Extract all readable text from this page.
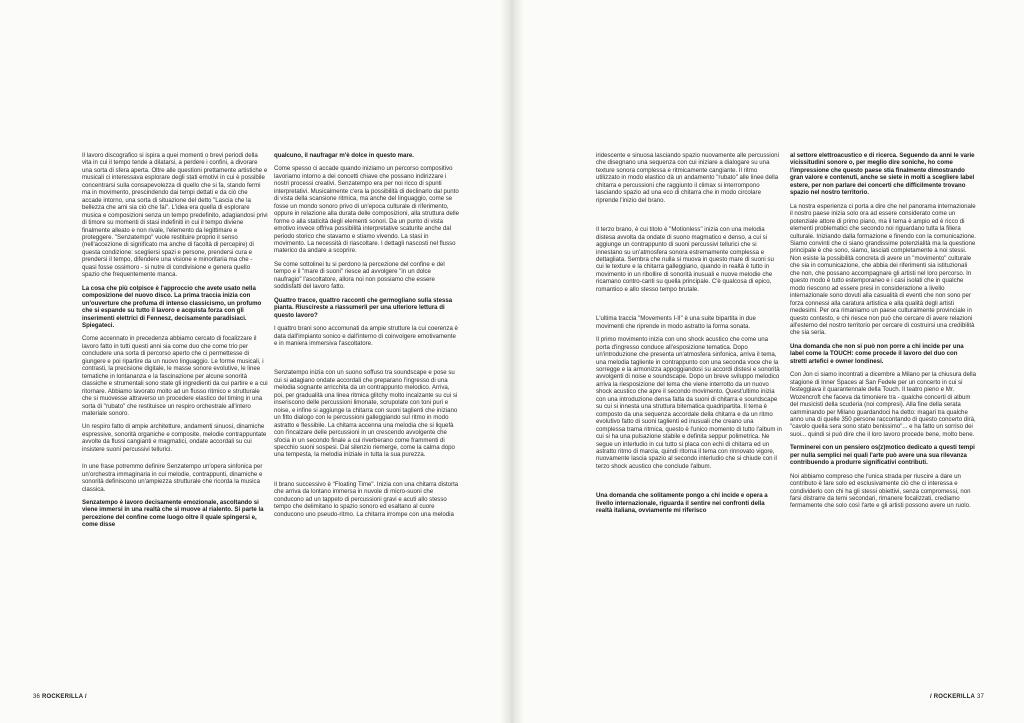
Il lavoro discografico si ispira a quei momenti o brevi periodi della vita in cui il tempo tende a dilatarsi, a perdere i confini, a divorare una sorta di sfera aperta. Oltre alle questioni prettamente artistiche e musicali ci interessava esplorare degli stati emotivi in cui è possibile concentrarsi sulla consapevolezza di quello che si fa, stando fermi ma in movimento, prescindendo dai tempi dettati e da ciò che accade intorno, una sorta di situazione del detto "Lascia che la bellezza che ami sia ciò che fai". L'idea era quella di esplorare musica e composizioni senza un tempo predefinito, adagiandosi privi di timore su momenti di stasi indefiniti in cui il tempo diviene finalmente alleato e non rivale, l'elemento da legittimare e proteggere. "Senzatempo" vuole restituire proprio il senso (nell'accezione di significato ma anche di facoltà di percepire) di questa condizione: scegliersi spazi e persone, prendersi cura e prendersi il tempo, difendere una visione e minoritaria ma che - quasi fosse ossimoro - si nutre di condivisione e genera quello spazio che frequentemente manca.

La cosa che più colpisce è l'approccio che avete usato nella composizione del nuovo disco. La prima traccia inizia con un'ouverture che profuma di intenso classicismo, un profumo che si espande su tutto il lavoro e acquista forza con gli inserimenti elettrici di Fennesz, decisamente paradisiaci. Spiegateci.

Come accennato in precedenza abbiamo cercato di focalizzare il lavoro fatto in tutti questi anni sia come duo che come trio per concludere una sorta di percorso aperto che ci permettesse di giungere e poi ripartire da un nuovo linguaggio. Le forme musicali, i contrasti, la precisione digitale, le masse sonore evolutive, le linee tematiche in lontananza e la fascinazione per alcune sonorità classiche e strumentali sono state gli ingredienti da cui partire e a cui ritornare. Abbiamo lavorato molto ad un flusso ritmico e strutturale che si muovesse attraverso un procedere elastico del timing in una sorta di "rubato" che restituisce un respiro orchestrale all'intero materiale sonoro.

Un respiro fatto di ampie architetture, andamenti sinuosi, dinamiche espressive, sonorità organiche e composite, melodie contrappuntate avvolte da flussi cangianti e magmatici, ondate accordali su cui insistere suoni percussivi tellurici.

In une frase potremmo definire Senzatempo un'opera sinfonica per un'orchestra immaginaria in cui melodie, contrappunti, dinamiche e sonorità definiscono un'ampiezza strutturale che ricorda la musica classica.

Senzatempo è lavoro decisamente emozionale, ascoltando si viene immersi in una realtà che si muove al rialento. Si parte la percezione del confine come luogo oltre il quale spingersi e, come disse

qualcuno, il naufragar m'è dolce in questo mare.

Come spesso ci accade quando iniziamo un percorso compositivo lavoriamo intorno a dei concetti chiave che possano indirizzare i nostri processi creativi. Senzatempo era per noi ricco di spunti interpretativi. Musicalmente c'era la possibilità di declinarlo dal punto di vista della scansione ritmica, ma anche del linguaggio, come se fosse un mondo sonoro privo di un'epoca culturale di riferimento, oppure in relazione alla durata delle composizioni, alla struttura delle forme o alla staticità degli elementi sonori. Da un punto di vista emotivo invece offriva possibilità interpretative scaturite anche dal periodo storico che stavamo e stiamo vivendo. La stasi in movimento. La necessità di riascoltare. I dettagli nascosti nel flusso materico da andare a scoprire.

Se come sottolinei tu si perdono la percezione del confine e del tempo e il "mare di suoni" riesce ad avvolgere "in un dolce naufragio" l'ascoltatore, allora noi non possiamo che essere soddisfatti del lavoro fatto.

Quattro tracce, quattro racconti che germogliano sulla stessa pianta. Riuscireste a riassumerli per una ulteriore lettura di questo lavoro?

I quattro brani sono accomunati da ampie strutture la cui coerenza è data dall'impianto sonico e dall'interno di coinvolgere emotivamente e in maniera immersiva l'ascoltatore.

Senzatempo inizia con un suono soffuso tra soundscape e pose su cui si adagiano ondate accordali che preparano l'ingresso di una melodia sognante arricchita da un contrappunto melodico. Arriva, poi, per gradualità una linea ritmica glitchy molto incalzante su cui si inseriscono delle percussioni limonate, scrupolate con toni puri e noise, e infine si aggiunge la chitarra con suoni taglienti che iniziano un fitto dialogo con le percussioni galleggiando sul ritmo in modo astratto e flessibile. La chitarra accenna una melodia che si liquefà con l'incalzare delle percussioni in un crescendo avvolgente che sfocia in un secondo finale a cui riverberano come frammenti di specchio suoni sospesi. Dal silenzio riemerge, come la calma dopo una tempesta, la melodia iniziale in tutta la sua purezza.

Il brano successivo è "Floating Time". Inizia con una chitarra distorta che arriva da lontano immersa in nuvole di micro-suoni che conducono ad un tappeto di percussioni gravi e acuti allo stesso tempo che delimitano lo spazio sonoro ed esaltano al cuore conducono uno pseudo-ritmo. La chitarra irrompe con una melodia

36 ROCKERILLA /

iridescente e sinuosa lasciando spazio nuovamente alle percussioni che disegnano una sequenza con cui iniziare a dialogare su una texture sonora complessa e ritmicamente cangiante. Il ritmo utilizzato in modo elastico dà un andamento "rubato" alle linee della chitarra e percussioni che raggiunto il climax si interrompono lasciando spazio ad una eco di chitarra che in modo circolare riprende l'inizio del brano.

Il terzo brano, è cui titolo è "Motionless" inizia con una melodia distesa avvolta da ondate di suono magmatico e denso, a cui si aggiunge un contrappunto di suoni percussivi tellurici che si innestano su un'atmosfera sonora estremamente complessa e dettagliata. Sembra che nulla si muova in questo mare di suoni su cui le texture e la chitarra galleggiano, quando in realtà è tutto in movimento in un ribollire di sonorità inusuali e nuove melodie che ricamano contro-canti su quella principale. C'è qualcosa di epico, romantico e allo stesso tempo brutale.

L'ultima traccia "Movements I-II" è una suite bipartita in due movimenti che riprende in modo astratto la forma sonata.

Il primo movimento inizia con uno shock acustico che come una porta d'ingresso conduce all'esposizione tematica. Dopo un'introduzione che presenta un'atmosfera sinfonica, arriva il tema, una melodia tagliente in contrappunto con una seconda voce che la sorregge e la armonizza appoggiandosi su accordi distesi e sonorità avvolgenti di noise e soundscape. Dopo un breve sviluppo melodico arriva la riesposizione del tema che viene interrotto da un nuovo shock acustico che apre il secondo movimento. Quest'ultimo inizia con una introduzione densa fatta da suoni di chitarra e soundscape su cui si innesta una struttura bitematica quadripartita. Il tema è composto da una sequenza accordale della chitarra e da un ritmo evolutivo fatto di suoni taglienti ed inusuali che creano una complessa trama ritmica, questo è l'unico momento di tutto l'album in cui si ha una pulsazione stabile e definita seppur polimetrica. Ne segue un interludio in cui tutto si placa con echi di chitarra ed un astratto ritmo di marcia, quindi ritorna il tema con rinnovato vigore, nuovamente lascia spazio al secondo interludio che si chiude con il terzo shock acustico che conclude l'album.

Una domanda che solitamente pongo a chi incide e opera a livello internazionale, riguarda il sentire nei confronti della realtà italiana, ovviamente mi riferisco

al settore elettroacustico e di ricerca. Seguendo da anni le varie vicissitudini sonore o, per meglio dire soniche, ho come l'impressione che questo paese stia finalmente dimostrando gran valore e contenuti, anche se siete in molti a scegliere label estere, per non parlare dei concerti che difficilmente trovano spazio nel nostro territorio.

La nostra esperienza ci porta a dire che nel panorama internazionale il nostro paese inizia solo ora ad essere considerato come un potenziale attore di primo piano, ma il tema è ampio ed è ricco di elementi problematici che secondo noi riguardano tutta la filiera culturale. Iniziando dalla formazione e finendo con la comunicazione. Siamo convinti che ci siano grandissime potenzialità ma la questione principale è che sono, siamo, lasciati completamente a noi stessi. Non esiste la possibilità concreta di avere un "movimento" culturale che sia in comunicazione, che abbia dei riferimenti sia istituzionali che non, che possano accompagnare gli artisti nel loro percorso. In questo modo è tutto estemporaneo e i casi isolati che in qualche modo riescono ad essere presi in considerazione a livello internazionale sono dovuti alla casualità di eventi che non sono per forza connessi alla caratura artistica e alla qualità degli artisti medesimi. Per ora rimaniamo un paese culturalmente provinciale in questo contesto, e chi riesce non può che cercare di avere relazioni all'esterno del nostro territorio per cercare di costruirsi una credibilità che sia seria.

Una domanda che non si può non porre a chi incide per una label come la TOUCH: come procede il lavoro del duo con stretti artefici e owner londinesi.

Con Jon ci siamo incontrati a dicembre a Milano per la chiusura della stagione di Inner Spaces al San Fedele per un concerto in cui si festeggiava il quarantennale della Touch. Il teatro pieno e Mr. Wozencroft che faceva da timoniere tra - qualche concerti di album del musicisti della scuderia (noi compresi). Alla fine della serata camminando per Milano guardandoci ha detto: magari tra qualche anno una di quelle 350 persone raccontando di questo concerto dirà, "cavolo quella sera sono stato benissimo"... e ha fatto un sorriso dei suoi... quindi si può dire che il loro lavoro procede bene, molto bene.

Terminerei con un pensiero os(z)motico dedicato a questi tempi per nulla semplici nei quali l'arte può avere una sua rilevanza contribuendo a produrre significativi contributi.

Noi abbiamo compreso che l'unica strada per riuscire a dare un contributo è fare solo ed esclusivamente ciò che ci interessa e condividerlo con chi ha gli stessi obiettivi, senza compromessi, non farsi distrarre da temi secondari, rimanere focalizzati, crediamo fermamente che solo così l'arte e gli artisti possono avere un ruolo.

/ ROCKERILLA 37
